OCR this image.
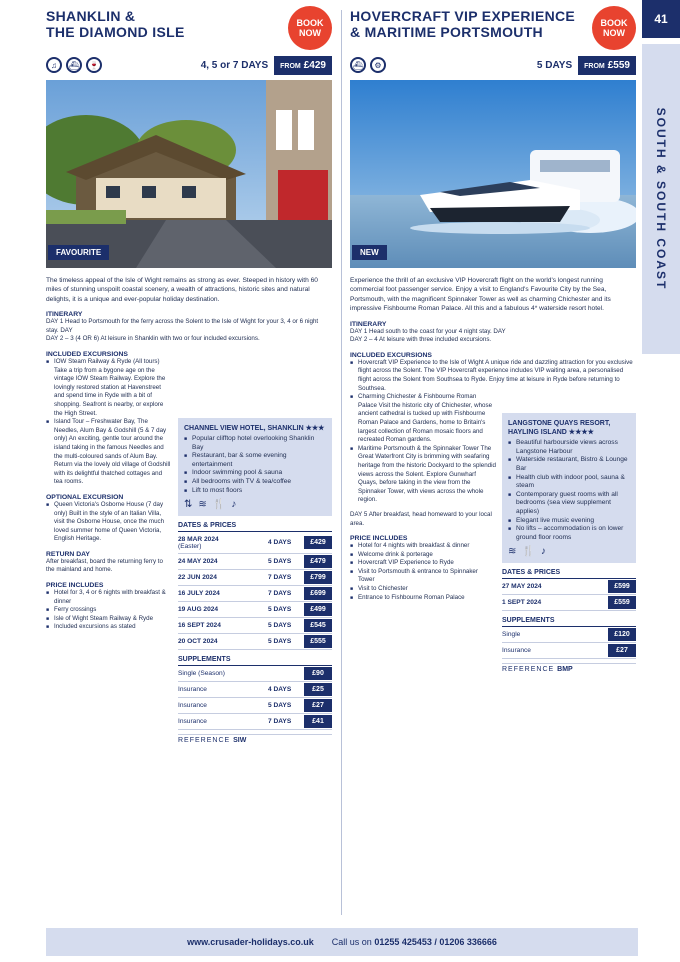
41
SOUTH & SOUTH COAST
SHANKLIN &
THE DIAMOND ISLE
BOOK
NOW
♫	⛴	🍷	4, 5 or 7 DAYS	FROM £429
FAVOURITE
The timeless appeal of the Isle of Wight remains as strong as ever. Steeped in history with 60 miles of stunning unspoilt coastal scenery, a wealth of attractions, historic sites and natural delights, it is a unique and ever-popular holiday destination.
ITINERARY
DAY 1 Head to Portsmouth for the ferry across the Solent to the Isle of Wight for your 3, 4 or 6 night stay. DAY
DAY 2 – 3 (4 OR 6) At leisure in Shanklin with two or four included excursions.
INCLUDED EXCURSIONS
■ IOW Steam Railway & Ryde (All tours) Take a trip from a bygone age on the vintage IOW Steam Railway. Explore the lovingly restored station at Havenstreet and spend time in Ryde with a bit of shopping. Seafront is nearby, or explore the High Street.
■ Island Tour – Freshwater Bay, The Needles, Alum Bay & Godshill (5 & 7 day only) An exciting, gentle tour around the island taking in the famous Needles and the multi-coloured sands of Alum Bay. Return via the lovely old village of Godshill with its delightful thatched cottages and tea rooms.
OPTIONAL EXCURSION
■ Queen Victoria's Osborne House (7 day only) Built in the style of an Italian Villa, visit the Osborne House, once the much loved summer home of Queen Victoria, English Heritage.
RETURN DAY
After breakfast, board the returning ferry to the mainland and home.
PRICE INCLUDES
■ Hotel for 3, 4 or 6 nights with breakfast & dinner
■ Ferry crossings
■ Isle of Wight Steam Railway & Ryde
■ Included excursions as stated
CHANNEL VIEW HOTEL, SHANKLIN ★★★
■ Popular clifftop hotel overlooking Shanklin Bay
■ Restaurant, bar & some evening entertainment
■ Indoor swimming pool & sauna
■ All bedrooms with TV & tea/coffee
■ Lift to most floors
⇅ ≋ 🍴 ♪
DATES & PRICES
28 MAR 2024
(Easter)	4 DAYS	£429
24 MAY 2024	5 DAYS	£479
22 JUN 2024	7 DAYS	£799
16 JULY 2024	7 DAYS	£699
19 AUG 2024	5 DAYS	£499
16 SEPT 2024	5 DAYS	£545
20 OCT 2024	5 DAYS	£555
SUPPLEMENTS
Single (Season)	£90
Insurance	4 DAYS	£25
Insurance	5 DAYS	£27
Insurance	7 DAYS	£41
REFERENCE SIW
HOVERCRAFT VIP EXPERIENCE
& MARITIME PORTSMOUTH
BOOK
NOW
⛴	⚙	5 DAYS	FROM £559
NEW
Experience the thrill of an exclusive VIP Hovercraft flight on the world's longest running commercial foot passenger service. Enjoy a visit to England's Favourite City by the Sea, Portsmouth, with the magnificent Spinnaker Tower as well as charming Chichester and its impressive Fishbourne Roman Palace. All this and a fabulous 4* waterside resort hotel.
ITINERARY
DAY 1 Head south to the coast for your 4 night stay. DAY
DAY 2 – 4 At leisure with three included excursions.
INCLUDED EXCURSIONS
■ Hovercraft VIP Experience to the Isle of Wight A unique ride and dazzling attraction for you exclusive flight across the Solent. The VIP Hovercraft experience includes VIP waiting area, a personalised flight across the Solent from Southsea to Ryde. Enjoy time at leisure in Ryde before returning to Southsea.
■ Charming Chichester & Fishbourne Roman Palace Visit the historic city of Chichester, whose ancient cathedral is tucked up with Fishbourne Roman Palace and Gardens, home to Britain's largest collection of Roman mosaic floors and recreated Roman gardens.
■ Maritime Portsmouth & the Spinnaker Tower The Great Waterfront City is brimming with seafaring heritage from the historic Dockyard to the splendid views across the Solent. Explore Gunwharf Quays, before taking in the view from the Spinnaker Tower, with views across the whole region.
DAY 5 After breakfast, head homeward to your local area.
PRICE INCLUDES
■ Hotel for 4 nights with breakfast & dinner
■ Welcome drink & porterage
■ Hovercraft VIP Experience to Ryde
■ Visit to Portsmouth & entrance to Spinnaker Tower
■ Visit to Chichester
■ Entrance to Fishbourne Roman Palace
LANGSTONE QUAYS RESORT, HAYLING ISLAND ★★★★
■ Beautiful harbourside views across Langstone Harbour
■ Waterside restaurant, Bistro & Lounge Bar
■ Health club with indoor pool, sauna & steam
■ Contemporary guest rooms with all bedrooms (sea view supplement applies)
■ Elegant live music evening
■ No lifts – accommodation is on lower ground floor rooms
≋ 🍴 ♪
DATES & PRICES
27 MAY 2024	£599
1 SEPT 2024	£559
SUPPLEMENTS
Single	£120
Insurance	£27
REFERENCE BMP
www.crusader-holidays.co.uk Call us on 01255 425453 / 01206 336666
